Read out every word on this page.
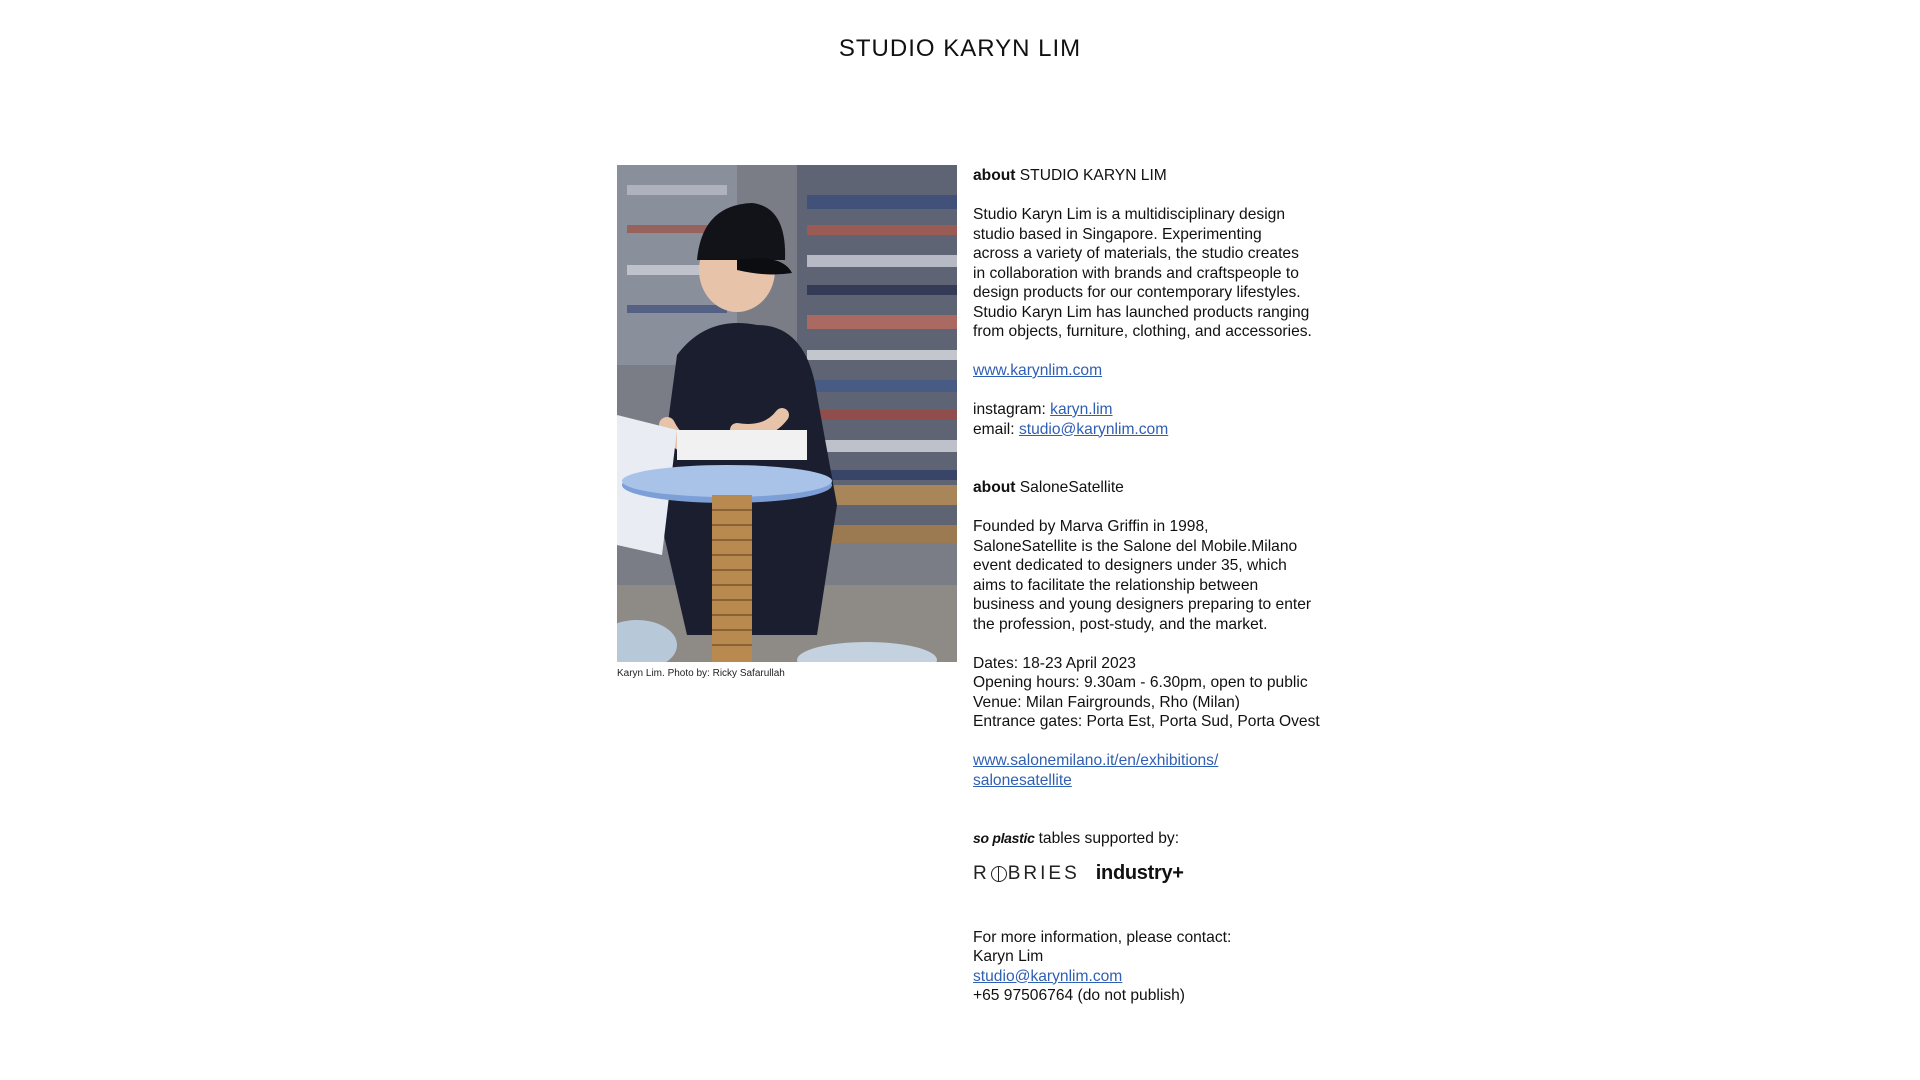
STUDIO KARYN LIM
Karyn Lim. Photo by: Ricky Safarullah

about STUDIO KARYN LIM

Studio Karyn Lim is a multidisciplinary design
studio based in Singapore. Experimenting
across a variety of materials, the studio creates
in collaboration with brands and craftspeople to
design products for our contemporary lifestyles.
Studio Karyn Lim has launched products ranging
from objects, furniture, clothing, and accessories.

www.karynlim.com

instagram: karyn.lim

email: studio@karynlim.com

about SaloneSatellite

Founded by Marva Griffin in 1998,
SaloneSatellite is the Salone del Mobile.Milano
event dedicated to designers under 35, which
aims to facilitate the relationship between
business and young designers preparing to enter
the profession, post-study, and the market.

Dates: 18-23 April 2023
Opening hours: 9.30am - 6.30pm, open to public
Venue: Milan Fairgrounds, Rho (Milan)
Entrance gates: Porta Est, Porta Sud, Porta Ovest

www.salonemilano.it/en/exhibitions/
salonesatellite

so plastic tables supported by:
R BRIES industry+

For more information, please contact:
Karyn Lim
studio@karynlim.com
+65 97506764 (do not publish)
